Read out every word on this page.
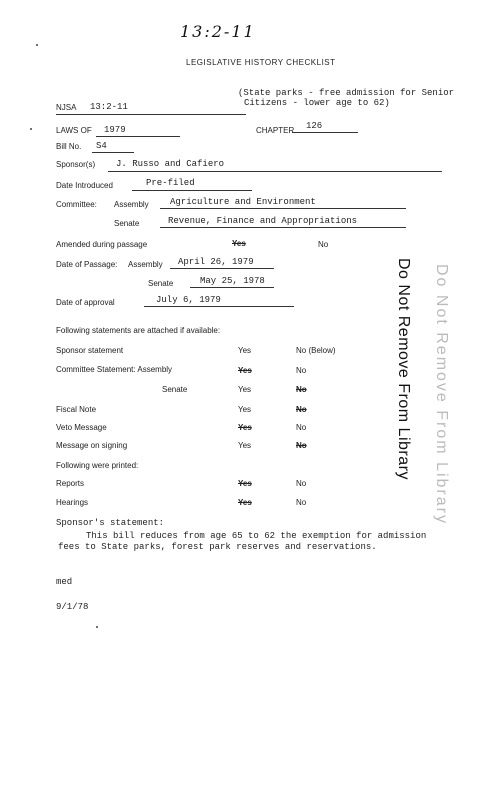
13:2-11
LEGISLATIVE HISTORY CHECKLIST
(State parks - free admission for Senior
Citizens - lower age to 62)
NJSA 13:2-11
LAWS OF 1979	CHAPTER 126
Bill No. S4
Sponsor(s) J. Russo and Cafiero
Date Introduced	Pre-filed
Committee: Assembly Agriculture and Environment
Senate	Revenue, Finance and Appropriations
Amended during passage	Yes	No
Date of Passage: Assembly April 26, 1979
Senate	May 25, 1978
Date of approval	July 6, 1979
Following statements are attached if available:
Sponsor statement	Yes	No (Below)
Committee Statement: Assembly	Yes	No
Senate	Yes	No
Fiscal Note	Yes	No
Veto Message	Yes	No
Message on signing	Yes	No
Following were printed:
Reports	Yes	No
Hearings	Yes	No
Sponsor's statement:
This bill reduces from age 65 to 62 the exemption for admission
fees to State parks, forest park reserves and reservations.
med
9/1/78
Do Not Remove From Library
Do Not Remove From Library
